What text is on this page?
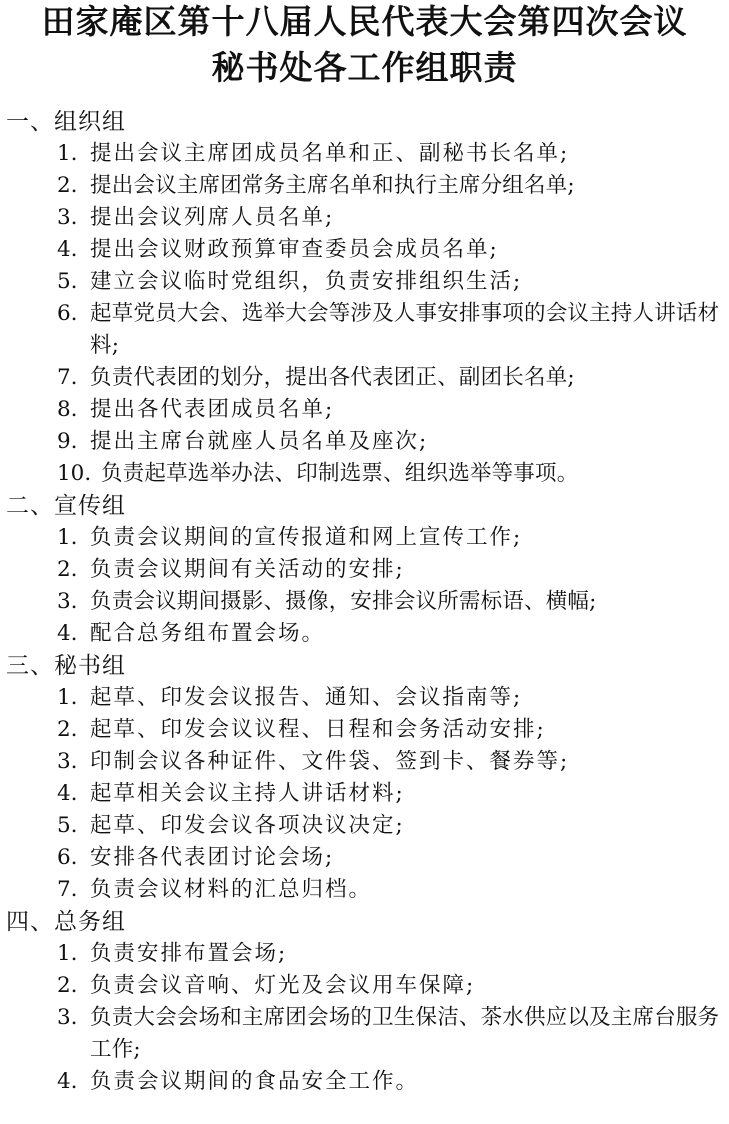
田家庵区第十八届人民代表大会第四次会议
秘书处各工作组职责
一、组织组
1. 提出会议主席团成员名单和正、副秘书长名单;
2. 提出会议主席团常务主席名单和执行主席分组名单;
3. 提出会议列席人员名单;
4. 提出会议财政预算审查委员会成员名单;
5. 建立会议临时党组织，负责安排组织生活;
6. 起草党员大会、选举大会等涉及人事安排事项的会议主持人讲话材料;
7. 负责代表团的划分，提出各代表团正、副团长名单;
8. 提出各代表团成员名单;
9. 提出主席台就座人员名单及座次;
10. 负责起草选举办法、印制选票、组织选举等事项。
二、宣传组
1. 负责会议期间的宣传报道和网上宣传工作;
2. 负责会议期间有关活动的安排;
3. 负责会议期间摄影、摄像，安排会议所需标语、横幅;
4. 配合总务组布置会场。
三、秘书组
1. 起草、印发会议报告、通知、会议指南等;
2. 起草、印发会议议程、日程和会务活动安排;
3. 印制会议各种证件、文件袋、签到卡、餐券等;
4. 起草相关会议主持人讲话材料;
5. 起草、印发会议各项决议决定;
6. 安排各代表团讨论会场;
7. 负责会议材料的汇总归档。
四、总务组
1. 负责安排布置会场;
2. 负责会议音响、灯光及会议用车保障;
3. 负责大会会场和主席团会场的卫生保洁、茶水供应以及主席台服务工作;
4. 负责会议期间的食品安全工作。
